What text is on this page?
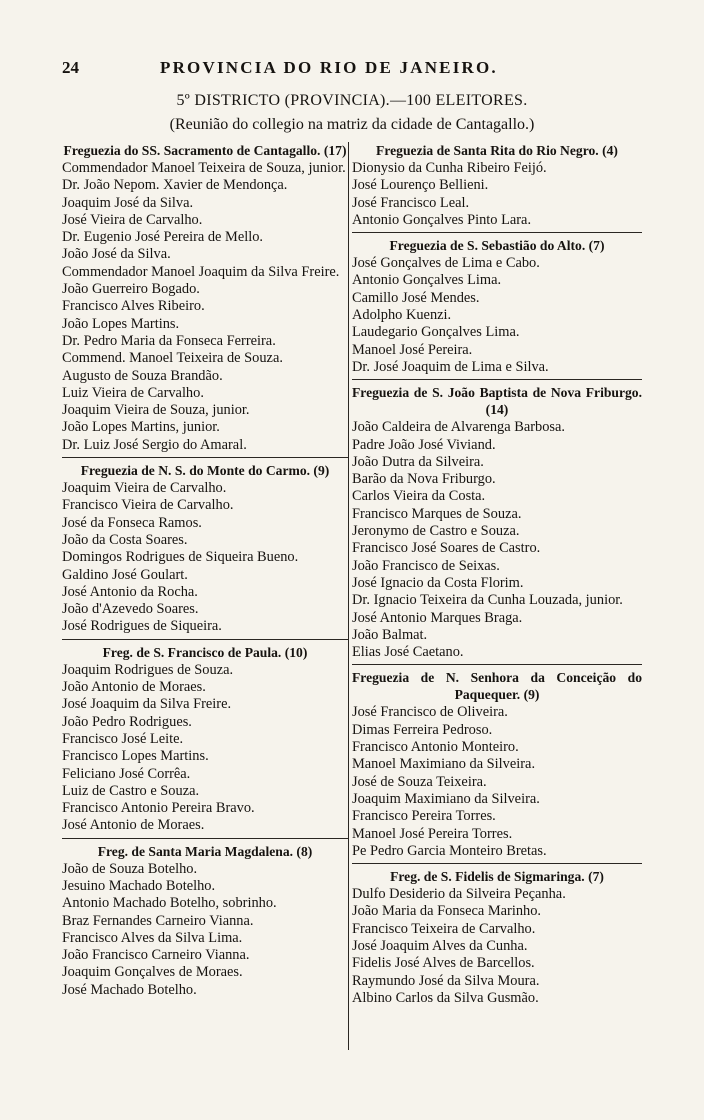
24	PROVINCIA DO RIO DE JANEIRO.
5º DISTRICTO (PROVINCIA).—100 ELEITORES.
(Reunião do collegio na matriz da cidade de Cantagallo.)
Freguezia do SS. Sacramento de Cantagallo. (17)
Commendador Manoel Teixeira de Souza, junior.
Dr. João Nepom. Xavier de Mendonça.
Joaquim José da Silva.
José Vieira de Carvalho.
Dr. Eugenio José Pereira de Mello.
João José da Silva.
Commendador Manoel Joaquim da Silva Freire.
João Guerreiro Bogado.
Francisco Alves Ribeiro.
João Lopes Martins.
Dr. Pedro Maria da Fonseca Ferreira.
Commend. Manoel Teixeira de Souza.
Augusto de Souza Brandão.
Luiz Vieira de Carvalho.
Joaquim Vieira de Souza, junior.
João Lopes Martins, junior.
Dr. Luiz José Sergio do Amaral.
Freguezia de N. S. do Monte do Carmo. (9)
Joaquim Vieira de Carvalho.
Francisco Vieira de Carvalho.
José da Fonseca Ramos.
João da Costa Soares.
Domingos Rodrigues de Siqueira Bueno.
Galdino José Goulart.
José Antonio da Rocha.
João d'Azevedo Soares.
José Rodrigues de Siqueira.
Freg. de S. Francisco de Paula. (10)
Joaquim Rodrigues de Souza.
João Antonio de Moraes.
José Joaquim da Silva Freire.
João Pedro Rodrigues.
Francisco José Leite.
Francisco Lopes Martins.
Feliciano José Corrêa.
Luiz de Castro e Souza.
Francisco Antonio Pereira Bravo.
José Antonio de Moraes.
Freg. de Santa Maria Magdalena. (8)
João de Souza Botelho.
Jesuino Machado Botelho.
Antonio Machado Botelho, sobrinho.
Braz Fernandes Carneiro Vianna.
Francisco Alves da Silva Lima.
João Francisco Carneiro Vianna.
Joaquim Gonçalves de Moraes.
José Machado Botelho.
Freguezia de Santa Rita do Rio Negro. (4)
Dionysio da Cunha Ribeiro Feijó.
José Lourenço Bellieni.
José Francisco Leal.
Antonio Gonçalves Pinto Lara.
Freguezia de S. Sebastião do Alto. (7)
José Gonçalves de Lima e Cabo.
Antonio Gonçalves Lima.
Camillo José Mendes.
Adolpho Kuenzi.
Laudegario Gonçalves Lima.
Manoel José Pereira.
Dr. José Joaquim de Lima e Silva.
Freguezia de S. João Baptista de Nova Friburgo. (14)
João Caldeira de Alvarenga Barbosa.
Padre João José Viviand.
João Dutra da Silveira.
Barão da Nova Friburgo.
Carlos Vieira da Costa.
Francisco Marques de Souza.
Jeronymo de Castro e Souza.
Francisco José Soares de Castro.
João Francisco de Seixas.
José Ignacio da Costa Florim.
Dr. Ignacio Teixeira da Cunha Louzada, junior.
José Antonio Marques Braga.
João Balmat.
Elias José Caetano.
Freguezia de N. Senhora da Conceição do Paquequer. (9)
José Francisco de Oliveira.
Dimas Ferreira Pedroso.
Francisco Antonio Monteiro.
Manoel Maximiano da Silveira.
José de Souza Teixeira.
Joaquim Maximiano da Silveira.
Francisco Pereira Torres.
Manoel José Pereira Torres.
Pe Pedro Garcia Monteiro Bretas.
Freg. de S. Fidelis de Sigmaringa. (7)
Dulfo Desiderio da Silveira Peçanha.
João Maria da Fonseca Marinho.
Francisco Teixeira de Carvalho.
José Joaquim Alves da Cunha.
Fidelis José Alves de Barcellos.
Raymundo José da Silva Moura.
Albino Carlos da Silva Gusmão.
